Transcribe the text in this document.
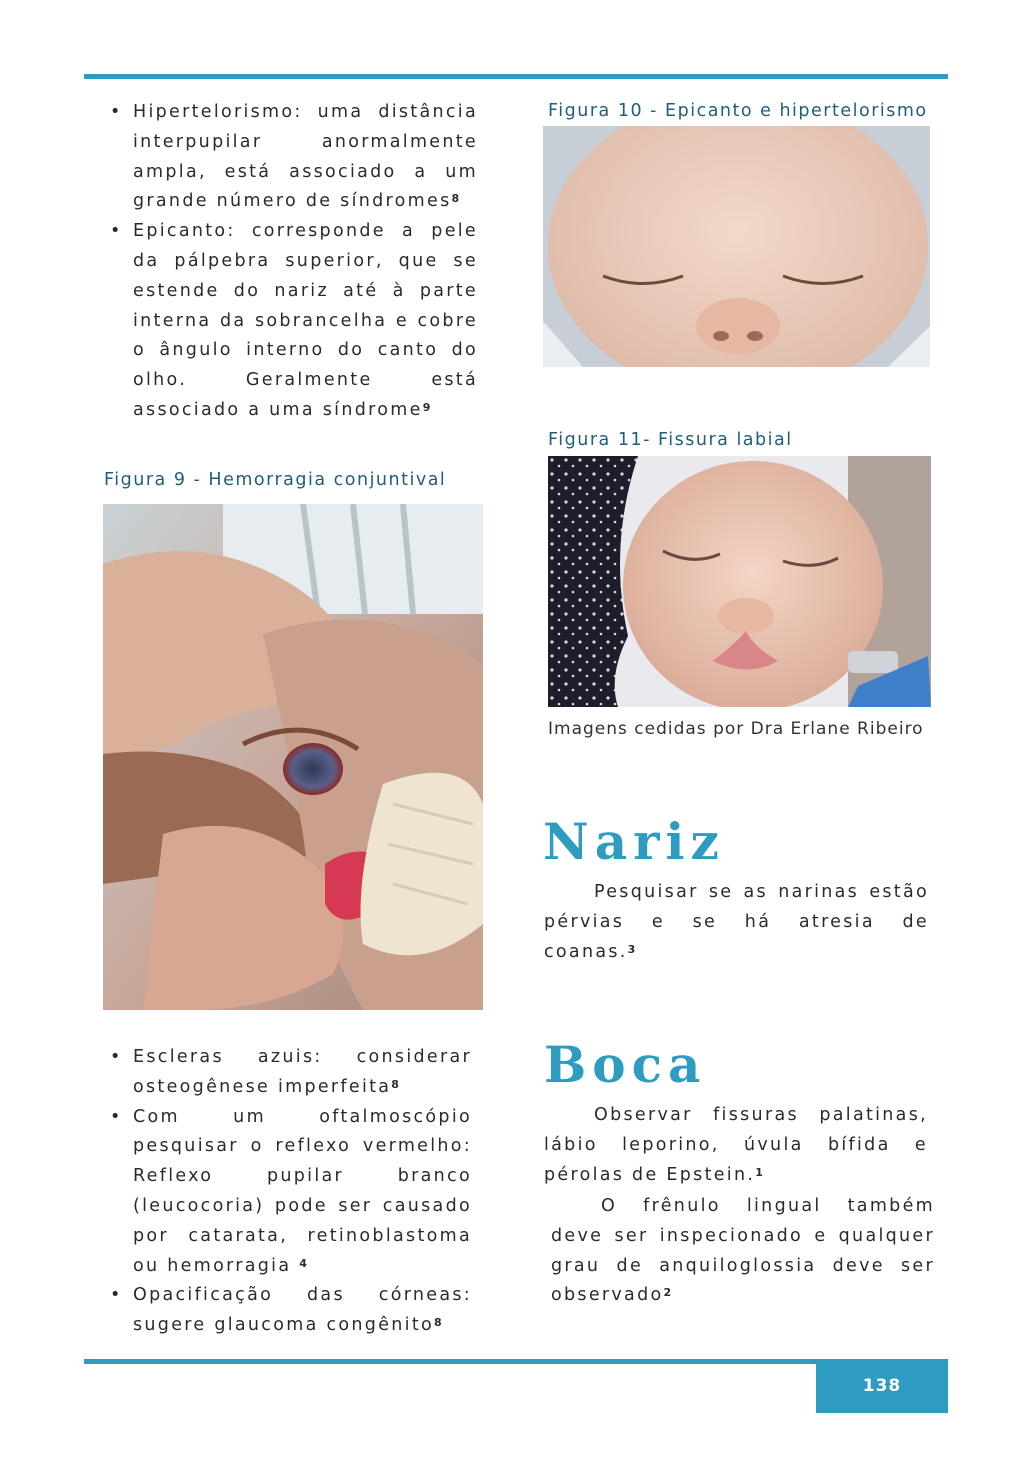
• Hipertelorismo: uma distância interpupilar anormalmente ampla, está associado a um grande número de síndromes$^8$
• Epicanto: corresponde a pele da pálpebra superior, que se estende do nariz até à parte interna da sobrancelha e cobre o ângulo interno do canto do olho. Geralmente está associado a uma síndrome$^9$
Figura 9 - Hemorragia conjuntival
• Escleras azuis: considerar osteogênese imperfeita$^8$
• Com um oftalmoscópio pesquisar o reflexo vermelho: Reflexo pupilar branco (leucocoria) pode ser causado por catarata, retinoblastoma ou hemorragia $^4$
• Opacificação das córneas: sugere glaucoma congênito$^8$
Figura 10 - Epicanto e hipertelorismo
Figura 11- Fissura labial
Imagens cedidas por Dra Erlane Ribeiro
Nariz

Pesquisar se as narinas estão pérvias e se há atresia de coanas.$^3$

Boca

Observar fissuras palatinas, lábio leporino, úvula bífida e pérolas de Epstein.$^1$

O frênulo lingual também deve ser inspecionado e qualquer grau de anquiloglossia deve ser observado$^2$

138
